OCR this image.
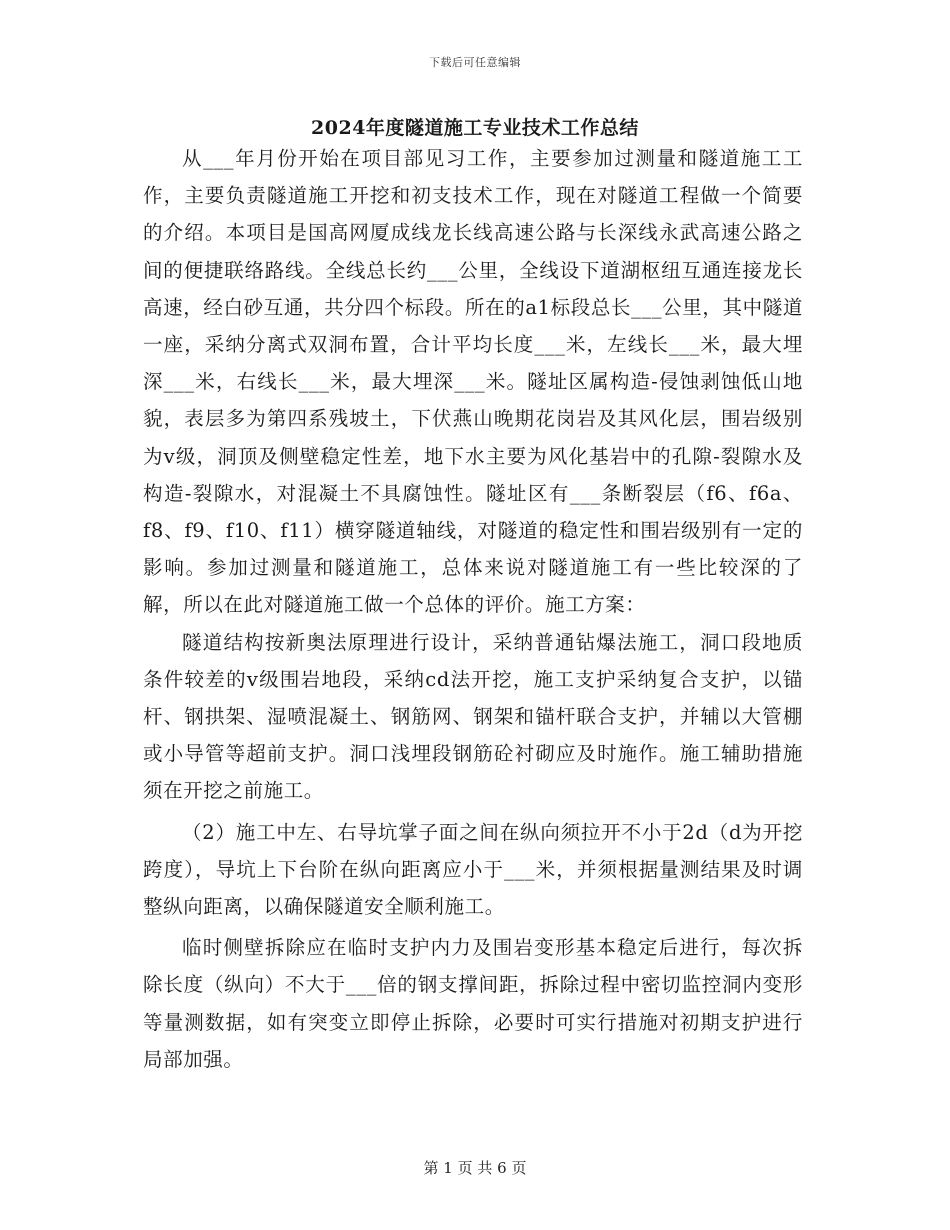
下载后可任意编辑
2024年度隧道施工专业技术工作总结

从___年月份开始在项目部见习工作，主要参加过测量和隧道施工工作，主要负责隧道施工开挖和初支技术工作，现在对隧道工程做一个简要的介绍。本项目是国高网厦成线龙长线高速公路与长深线永武高速公路之间的便捷联络路线。全线总长约___公里，全线设下道湖枢纽互通连接龙长高速，经白砂互通，共分四个标段。所在的a1标段总长___公里，其中隧道一座，采纳分离式双洞布置，合计平均长度___米，左线长___米，最大埋深___米，右线长___米，最大埋深___米。隧址区属构造-侵蚀剥蚀低山地貌，表层多为第四系残坡土，下伏燕山晚期花岗岩及其风化层，围岩级别为v级，洞顶及侧壁稳定性差，地下水主要为风化基岩中的孔隙-裂隙水及构造-裂隙水，对混凝土不具腐蚀性。隧址区有___条断裂层（f6、f6a、f8、f9、f10、f11）横穿隧道轴线，对隧道的稳定性和围岩级别有一定的影响。参加过测量和隧道施工，总体来说对隧道施工有一些比较深的了解，所以在此对隧道施工做一个总体的评价。施工方案：

隧道结构按新奥法原理进行设计，采纳普通钻爆法施工，洞口段地质条件较差的v级围岩地段，采纳cd法开挖，施工支护采纳复合支护，以锚杆、钢拱架、湿喷混凝土、钢筋网、钢架和锚杆联合支护，并辅以大管棚或小导管等超前支护。洞口浅埋段钢筋砼衬砌应及时施作。施工辅助措施须在开挖之前施工。

（2）施工中左、右导坑掌子面之间在纵向须拉开不小于2d（d为开挖跨度），导坑上下台阶在纵向距离应小于___米，并须根据量测结果及时调整纵向距离，以确保隧道安全顺利施工。

临时侧壁拆除应在临时支护内力及围岩变形基本稳定后进行，每次拆除长度（纵向）不大于___倍的钢支撑间距，拆除过程中密切监控洞内变形等量测数据，如有突变立即停止拆除，必要时可实行措施对初期支护进行局部加强。

第 1 页 共 6 页
